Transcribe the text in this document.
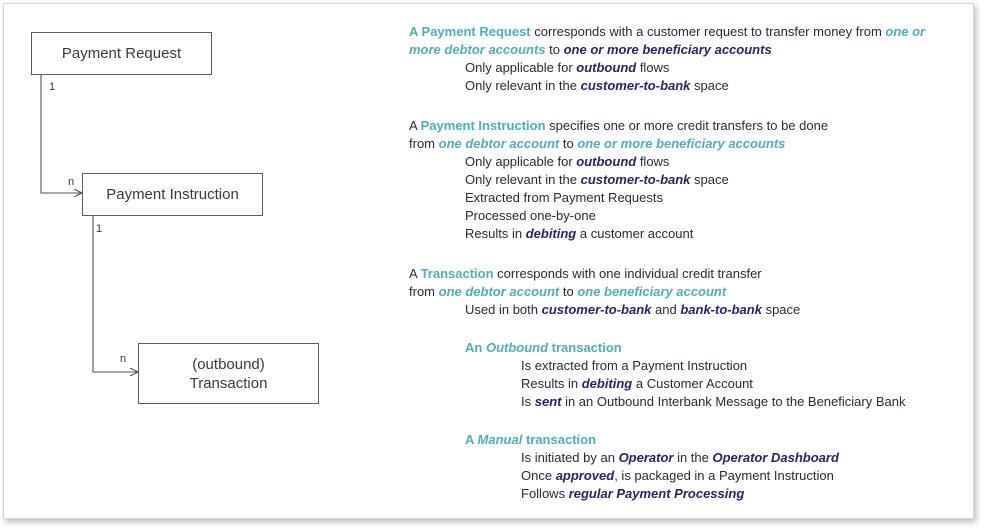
Payment Request
Payment Instruction
(outbound)
Transaction
1
n
1
n
A Payment Request corresponds with a customer request to transfer money from one or
more debtor accounts to one or more beneficiary accounts
Only applicable for outbound flows
Only relevant in the customer-to-bank space
A Payment Instruction specifies one or more credit transfers to be done
from one debtor account to one or more beneficiary accounts
Only applicable for outbound flows
Only relevant in the customer-to-bank space
Extracted from Payment Requests
Processed one-by-one
Results in debiting a customer account
A Transaction corresponds with one individual credit transfer
from one debtor account to one beneficiary account
Used in both customer-to-bank and bank-to-bank space
An Outbound transaction
Is extracted from a Payment Instruction
Results in debiting a Customer Account
Is sent in an Outbound Interbank Message to the Beneficiary Bank
A Manual transaction
Is initiated by an Operator in the Operator Dashboard
Once approved, is packaged in a Payment Instruction
Follows regular Payment Processing
